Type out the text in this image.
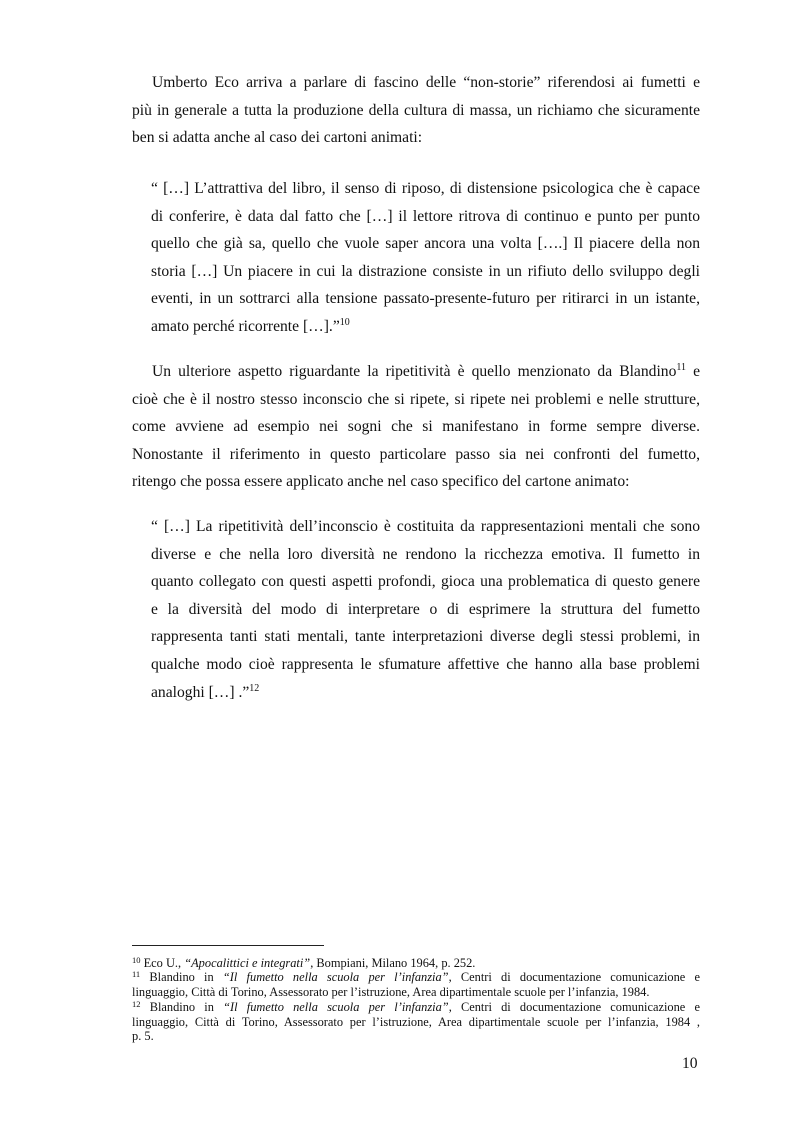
Umberto Eco arriva a parlare di fascino delle “non-storie” riferendosi ai fumetti e
più in generale a tutta la produzione della cultura di massa, un richiamo che sicuramente
ben si adatta anche al caso dei cartoni animati:
“ […] L’attrattiva del libro, il senso di riposo, di distensione psicologica che è capace
di conferire, è data dal fatto che […] il lettore ritrova di continuo e punto per punto
quello che già sa, quello che vuole saper ancora una volta [….] Il piacere della non
storia […] Un piacere in cui la distrazione consiste in un rifiuto dello sviluppo degli
eventi, in un sottrarci alla tensione passato-presente-futuro per ritirarci in un istante,
amato perché ricorrente […].”$^{10}$
Un ulteriore aspetto riguardante la ripetitività è quello menzionato da Blandino$^{11}$ e
cioè che è il nostro stesso inconscio che si ripete, si ripete nei problemi e nelle strutture,
come avviene ad esempio nei sogni che si manifestano in forme sempre diverse.
Nonostante il riferimento in questo particolare passo sia nei confronti del fumetto,
ritengo che possa essere applicato anche nel caso specifico del cartone animato:
“ […] La ripetitività dell’inconscio è costituita da rappresentazioni mentali che sono
diverse e che nella loro diversità ne rendono la ricchezza emotiva. Il fumetto in
quanto collegato con questi aspetti profondi, gioca una problematica di questo genere
e la diversità del modo di interpretare o di esprimere la struttura del fumetto
rappresenta tanti stati mentali, tante interpretazioni diverse degli stessi problemi, in
qualche modo cioè rappresenta le sfumature affettive che hanno alla base problemi
analoghi […] .”$^{12}$
$^{10}$ Eco U., “Apocalittici e integrati”, Bompiani, Milano 1964, p. 252.
$^{11}$ Blandino in “Il fumetto nella scuola per l’infanzia”, Centri di documentazione comunicazione e
linguaggio, Città di Torino, Assessorato per l’istruzione, Area dipartimentale scuole per l’infanzia, 1984.
$^{12}$ Blandino in “Il fumetto nella scuola per l’infanzia”, Centri di documentazione comunicazione e
linguaggio, Città di Torino, Assessorato per l’istruzione, Area dipartimentale scuole per l’infanzia, 1984 ,
p. 5.
10
